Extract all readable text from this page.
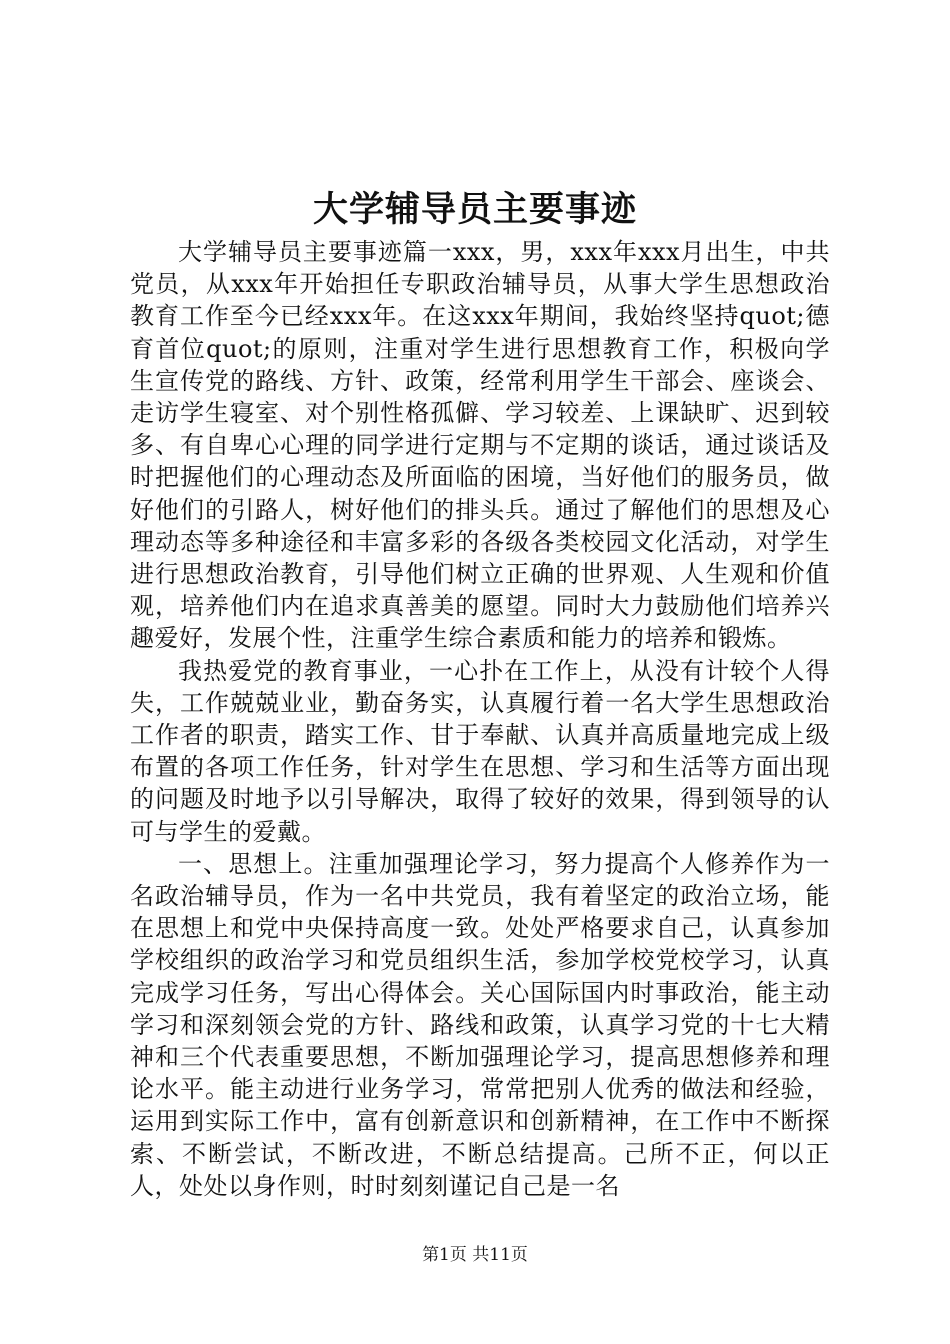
大学辅导员主要事迹

大学辅导员主要事迹篇一xxx，男，xxx年xxx月出生，中共党员，从xxx年开始担任专职政治辅导员，从事大学生思想政治教育工作至今已经xxx年。在这xxx年期间，我始终坚持quot;德育首位quot;的原则，注重对学生进行思想教育工作，积极向学生宣传党的路线、方针、政策，经常利用学生干部会、座谈会、走访学生寝室、对个别性格孤僻、学习较差、上课缺旷、迟到较多、有自卑心心理的同学进行定期与不定期的谈话，通过谈话及时把握他们的心理动态及所面临的困境，当好他们的服务员，做好他们的引路人，树好他们的排头兵。通过了解他们的思想及心理动态等多种途径和丰富多彩的各级各类校园文化活动，对学生进行思想政治教育，引导他们树立正确的世界观、人生观和价值观，培养他们内在追求真善美的愿望。同时大力鼓励他们培养兴趣爱好，发展个性，注重学生综合素质和能力的培养和锻炼。

我热爱党的教育事业，一心扑在工作上，从没有计较个人得失，工作兢兢业业，勤奋务实，认真履行着一名大学生思想政治工作者的职责，踏实工作、甘于奉献、认真并高质量地完成上级布置的各项工作任务，针对学生在思想、学习和生活等方面出现的问题及时地予以引导解决，取得了较好的效果，得到领导的认可与学生的爱戴。

一、思想上。注重加强理论学习，努力提高个人修养作为一名政治辅导员，作为一名中共党员，我有着坚定的政治立场，能在思想上和党中央保持高度一致。处处严格要求自己，认真参加学校组织的政治学习和党员组织生活，参加学校党校学习，认真完成学习任务，写出心得体会。关心国际国内时事政治，能主动学习和深刻领会党的方针、路线和政策，认真学习党的十七大精神和三个代表重要思想，不断加强理论学习，提高思想修养和理论水平。能主动进行业务学习，常常把别人优秀的做法和经验，运用到实际工作中，富有创新意识和创新精神，在工作中不断探索、不断尝试，不断改进，不断总结提高。己所不正，何以正人，处处以身作则，时时刻刻谨记自己是一名

第1页 共11页
